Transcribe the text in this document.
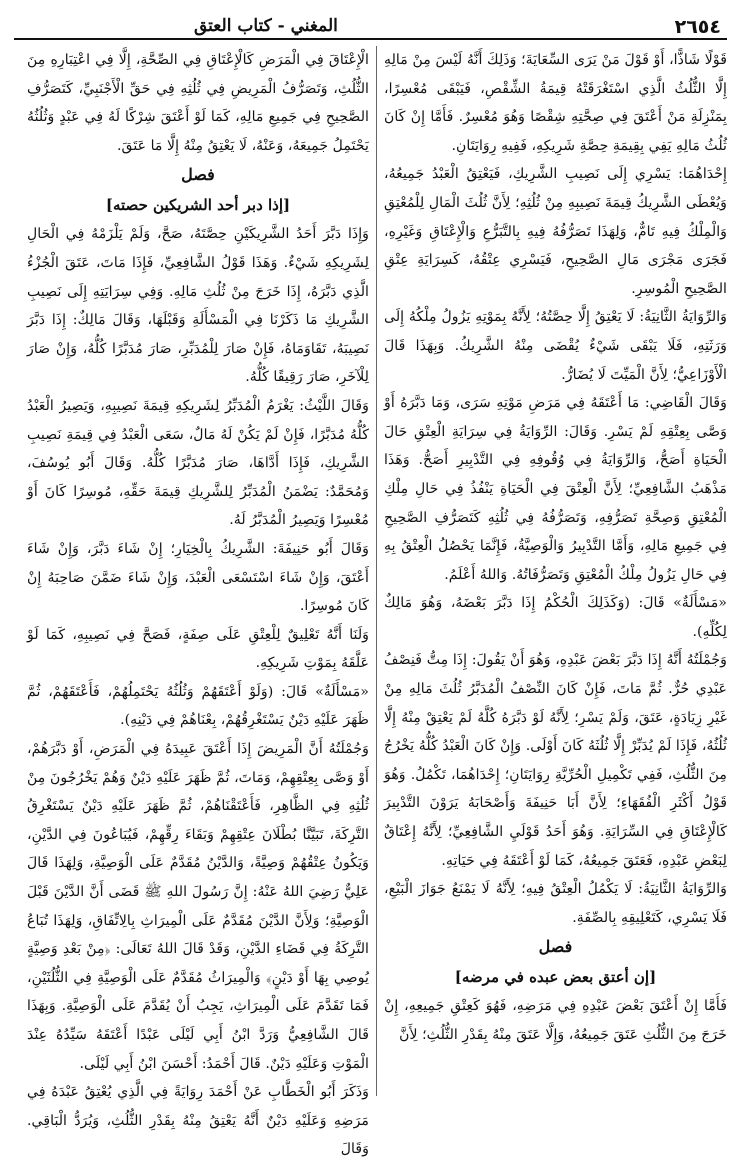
٢٦٥٤
المغني - كتاب العتق

قَوْلًا شَاذًّا، أَوْ قَوْلَ مَنْ يَرَى السِّعَايَةَ؛ وَذَلِكَ أَنَّهُ لَيْسَ مِنْ مَالِهِ إِلَّا الثُّلُثُ الَّذِي اسْتَغْرَقَتْهُ قِيمَةُ الشِّقْصِ، فَيَبْقَى مُعْسِرًا، بِمَنْزِلَةِ مَنْ أَعْتَقَ فِي صِحَّتِهِ شِقْصًا وَهُوَ مُعْسِرٌ. فَأَمَّا إِنْ كَانَ ثُلُثُ مَالِهِ يَفِي بِقِيمَةِ حِصَّةِ شَرِيكِهِ، فَفِيهِ رِوَايَتَانِ.

إِحْدَاهُمَا: يَسْرِي إِلَى نَصِيبِ الشَّرِيكِ، فَيَعْتِقُ الْعَبْدُ جَمِيعُهُ، وَيُعْطَى الشَّرِيكُ قِيمَةَ نَصِيبِهِ مِنْ ثُلُثِهِ؛ لِأَنَّ ثُلُثَ الْمَالِ لِلْمُعْتِقِ وَالْمِلْكُ فِيهِ تَامٌّ، وَلِهَذَا تَصَرُّفُهُ فِيهِ بِالتَّبَرُّعِ وَالْإِعْتَاقِ وَغَيْرِهِ، فَجَرَى مَجْرَى مَالِ الصَّحِيحِ، فَيَسْرِي عِتْقُهُ، كَسِرَايَةِ عِتْقِ الصَّحِيحِ الْمُوسِرِ.

وَالرِّوَايَةُ الثَّانِيَةُ: لَا يَعْتِقُ إِلَّا حِصَّتُهُ؛ لِأَنَّهُ بِمَوْتِهِ يَزُولُ مِلْكُهُ إِلَى وَرَثَتِهِ، فَلَا يَبْقَى شَيْءٌ يُقْضَى مِنْهُ الشَّرِيكُ. وَبِهَذَا قَالَ الْأَوْزَاعِيُّ؛ لِأَنَّ الْمَيِّتَ لَا يُضَارُّ.

وَقَالَ الْقَاضِي: مَا أَعْتَقَهُ فِي مَرَضِ مَوْتِهِ سَرَى، وَمَا دَبَّرَهُ أَوْ وَصَّى بِعِتْقِهِ لَمْ يَسْرِ. وَقَالَ: الرِّوَايَةُ فِي سِرَايَةِ الْعِتْقِ حَالَ الْحَيَاةِ أَصَحُّ، وَالرِّوَايَةُ فِي وُقُوفِهِ فِي التَّدْبِيرِ أَصَحُّ. وَهَذَا مَذْهَبُ الشَّافِعِيِّ؛ لِأَنَّ الْعِتْقَ فِي الْحَيَاةِ يَنْفُذُ فِي حَالِ مِلْكِ الْمُعْتِقِ وَصِحَّةِ تَصَرُّفِهِ، وَتَصَرُّفُهُ فِي ثُلُثِهِ كَتَصَرُّفِ الصَّحِيحِ فِي جَمِيعِ مَالِهِ، وَأَمَّا التَّدْبِيرُ وَالْوَصِيَّةُ، فَإِنَّمَا يَحْصُلُ الْعِتْقُ بِهِ فِي حَالِ يَزُولُ مِلْكُ الْمُعْتِقِ وَتَصَرُّفَاتُهُ. وَاللهُ أَعْلَمُ.

«مَسْأَلَةٌ» قَالَ: (وَكَذَلِكَ الْحُكْمُ إِذَا دَبَّرَ بَعْضَهُ، وَهُوَ مَالِكٌ لِكُلِّهِ).

وَجُمْلَتُهُ أَنَّهُ إِذَا دَبَّرَ بَعْضَ عَبْدِهِ، وَهُوَ أَنْ يَقُولَ: إِذَا مِتُّ فَنِصْفُ عَبْدِي حُرٌّ. ثُمَّ مَاتَ، فَإِنْ كَانَ النِّصْفُ الْمُدَبَّرُ ثُلُثَ مَالِهِ مِنْ غَيْرِ زِيَادَةٍ، عَتَقَ، وَلَمْ يَسْرِ؛ لِأَنَّهُ لَوْ دَبَّرَهُ كُلَّهُ لَمْ يَعْتِقْ مِنْهُ إِلَّا ثُلُثُهُ، فَإِذَا لَمْ يُدَبِّرْ إِلَّا ثُلُثَهُ كَانَ أَوْلَى. وَإِنْ كَانَ الْعَبْدُ كُلُّهُ يَخْرُجُ مِنَ الثُّلُثِ، فَفِي تَكْمِيلِ الْحُرِّيَّةِ رِوَايَتَانِ؛ إِحْدَاهُمَا، تَكْمُلُ. وَهُوَ قَوْلُ أَكْثَرِ الْفُقَهَاءِ؛ لِأَنَّ أَبَا حَنِيفَةَ وَأَصْحَابَهُ يَرَوْنَ التَّدْبِيرَ كَالْإِعْتَاقِ فِي السِّرَايَةِ. وَهُوَ أَحَدُ قَوْلَيِ الشَّافِعِيِّ؛ لِأَنَّهُ إِعْتَاقٌ لِبَعْضِ عَبْدِهِ، فَعَتَقَ جَمِيعُهُ، كَمَا لَوْ أَعْتَقَهُ فِي حَيَاتِهِ.

وَالرِّوَايَةُ الثَّانِيَةُ: لَا يَكْمُلُ الْعِتْقُ فِيهِ؛ لِأَنَّهُ لَا يَمْنَعُ جَوَازَ الْبَيْعِ، فَلَا يَسْرِي، كَتَعْلِيقِهِ بِالصِّفَةِ.

فصل

[إن أعتق بعض عبده في مرضه]

فَأَمَّا إِنْ أَعْتَقَ بَعْضَ عَبْدِهِ فِي مَرَضِهِ، فَهُوَ كَعِتْقِ جَمِيعِهِ، إِنْ خَرَجَ مِنَ الثُّلُثِ عَتَقَ جَمِيعُهُ، وَإِلَّا عَتَقَ مِنْهُ بِقَدْرِ الثُّلُثِ؛ لِأَنَّ

الْإِعْتَاقَ فِي الْمَرَضِ كَالْإِعْتَاقِ فِي الصِّحَّةِ، إِلَّا فِي اعْتِبَارِهِ مِنَ الثُّلُثِ، وَتَصَرُّفُ الْمَرِيضِ فِي ثُلُثِهِ فِي حَقِّ الْأَجْنَبِيِّ، كَتَصَرُّفِ الصَّحِيحِ فِي جَمِيعِ مَالِهِ، كَمَا لَوْ أَعْتَقَ شِرْكًا لَهُ فِي عَبْدٍ وَثُلُثُهُ يَحْتَمِلُ جَمِيعَهُ، وَعَنْهُ، لَا يَعْتِقُ مِنْهُ إِلَّا مَا عَتَقَ.

فصل

[إذا دبر أحد الشريكين حصته]

وَإِذَا دَبَّرَ أَحَدُ الشَّرِيكَيْنِ حِصَّتَهُ، صَحَّ، وَلَمْ يَلْزَمْهُ فِي الْحَالِ لِشَرِيكِهِ شَيْءٌ. وَهَذَا قَوْلُ الشَّافِعِيِّ، فَإِذَا مَاتَ، عَتَقَ الْجُزْءُ الَّذِي دَبَّرَهُ، إِذَا خَرَجَ مِنْ ثُلُثِ مَالِهِ. وَفِي سِرَايَتِهِ إِلَى نَصِيبِ الشَّرِيكِ مَا ذَكَرْنَا فِي الْمَسْأَلَةِ وَقَبْلَهَا، وَقَالَ مَالِكٌ: إِذَا دَبَّرَ نَصِيبَهُ، تَقَاوَمَاهُ، فَإِنْ صَارَ لِلْمُدَبِّرِ، صَارَ مُدَبَّرًا كُلُّهُ، وَإِنْ صَارَ لِلْآخَرِ، صَارَ رَقِيقًا كُلُّهُ.

وَقَالَ اللَّيْثُ: يَغْرَمُ الْمُدَبِّرُ لِشَرِيكِهِ قِيمَةَ نَصِيبِهِ، وَيَصِيرُ الْعَبْدُ كُلُّهُ مُدَبَّرًا، فَإِنْ لَمْ يَكُنْ لَهُ مَالٌ، سَعَى الْعَبْدُ فِي قِيمَةِ نَصِيبِ الشَّرِيكِ، فَإِذَا أَدَّاهَا، صَارَ مُدَبَّرًا كُلُّهُ. وَقَالَ أَبُو يُوسُفَ، وَمُحَمَّدٌ: يَضْمَنُ الْمُدَبِّرُ لِلشَّرِيكِ قِيمَةَ حَقِّهِ، مُوسِرًا كَانَ أَوْ مُعْسِرًا وَيَصِيرُ الْمُدَبَّرُ لَهُ.

وَقَالَ أَبُو حَنِيفَةَ: الشَّرِيكُ بِالْخِيَارِ؛ إِنْ شَاءَ دَبَّرَ، وَإِنْ شَاءَ أَعْتَقَ، وَإِنْ شَاءَ اسْتَسْعَى الْعَبْدَ، وَإِنْ شَاءَ ضَمَّنَ صَاحِبَهُ إِنْ كَانَ مُوسِرًا.

وَلَنَا أَنَّهُ تَعْلِيقٌ لِلْعِتْقِ عَلَى صِفَةٍ، فَصَحَّ فِي نَصِيبِهِ، كَمَا لَوْ عَلَّقَهُ بِمَوْتِ شَرِيكِهِ.

«مَسْأَلَةٌ» قَالَ: (وَلَوْ أَعْتَقَهُمْ وَثُلُثُهُ يَحْتَمِلُهُمْ، فَأَعْتَقَهُمْ، ثُمَّ ظَهَرَ عَلَيْهِ دَيْنٌ يَسْتَغْرِقُهُمْ، بِعْنَاهُمْ فِي دَيْنِهِ).

وَجُمْلَتُهُ أَنَّ الْمَرِيضَ إِذَا أَعْتَقَ عَبِيدَهُ فِي الْمَرَضِ، أَوْ دَبَّرَهُمْ، أَوْ وَصَّى بِعِتْقِهِمْ، وَمَاتَ، ثُمَّ ظَهَرَ عَلَيْهِ دَيْنٌ وَهُمْ يَخْرُجُونَ مِنْ ثُلُثِهِ فِي الظَّاهِرِ، فَأَعْتَقْنَاهُمْ، ثُمَّ ظَهَرَ عَلَيْهِ دَيْنٌ يَسْتَغْرِقُ التَّرِكَةَ، تَبَيَّنَّا بُطْلَانَ عِتْقِهِمْ وَبَقَاءَ رِقِّهِمْ، فَيُبَاعُونَ فِي الدَّيْنِ، وَيَكُونُ عِتْقُهُمْ وَصِيَّةً، وَالدَّيْنُ مُقَدَّمٌ عَلَى الْوَصِيَّةِ، وَلِهَذَا قَالَ عَلِيٌّ رَضِيَ اللهُ عَنْهُ: إِنَّ رَسُولَ اللهِ ﷺ قَضَى أَنَّ الدَّيْنَ قَبْلَ الْوَصِيَّةِ؛ وَلِأَنَّ الدَّيْنَ مُقَدَّمٌ عَلَى الْمِيرَاثِ بِالِاتِّفَاقِ، وَلِهَذَا تُبَاعُ التَّرِكَةُ فِي قَضَاءِ الدَّيْنِ، وَقَدْ قَالَ اللهُ تَعَالَى: ﴿مِنْ بَعْدِ وَصِيَّةٍ يُوصِي بِهَا أَوْ دَيْنٍ﴾ وَالْمِيرَاثُ مُقَدَّمٌ عَلَى الْوَصِيَّةِ فِي الثُّلُثَيْنِ، فَمَا تَقَدَّمَ عَلَى الْمِيرَاثِ، يَجِبُ أَنْ يُقَدَّمَ عَلَى الْوَصِيَّةِ. وَبِهَذَا قَالَ الشَّافِعِيُّ وَرَدَّ ابْنُ أَبِي لَيْلَى عَبْدًا أَعْتَقَهُ سَيِّدُهُ عِنْدَ الْمَوْتِ وَعَلَيْهِ دَيْنٌ. قَالَ أَحْمَدُ: أَحْسَنَ ابْنُ أَبِي لَيْلَى.

وَذَكَرَ أَبُو الْخَطَّابِ عَنْ أَحْمَدَ رِوَايَةً فِي الَّذِي يُعْتِقُ عَبْدَهُ فِي مَرَضِهِ وَعَلَيْهِ دَيْنٌ أَنَّهُ يَعْتِقُ مِنْهُ بِقَدْرِ الثُّلُثِ، وَيُرَدُّ الْبَاقِي. وَقَالَ
